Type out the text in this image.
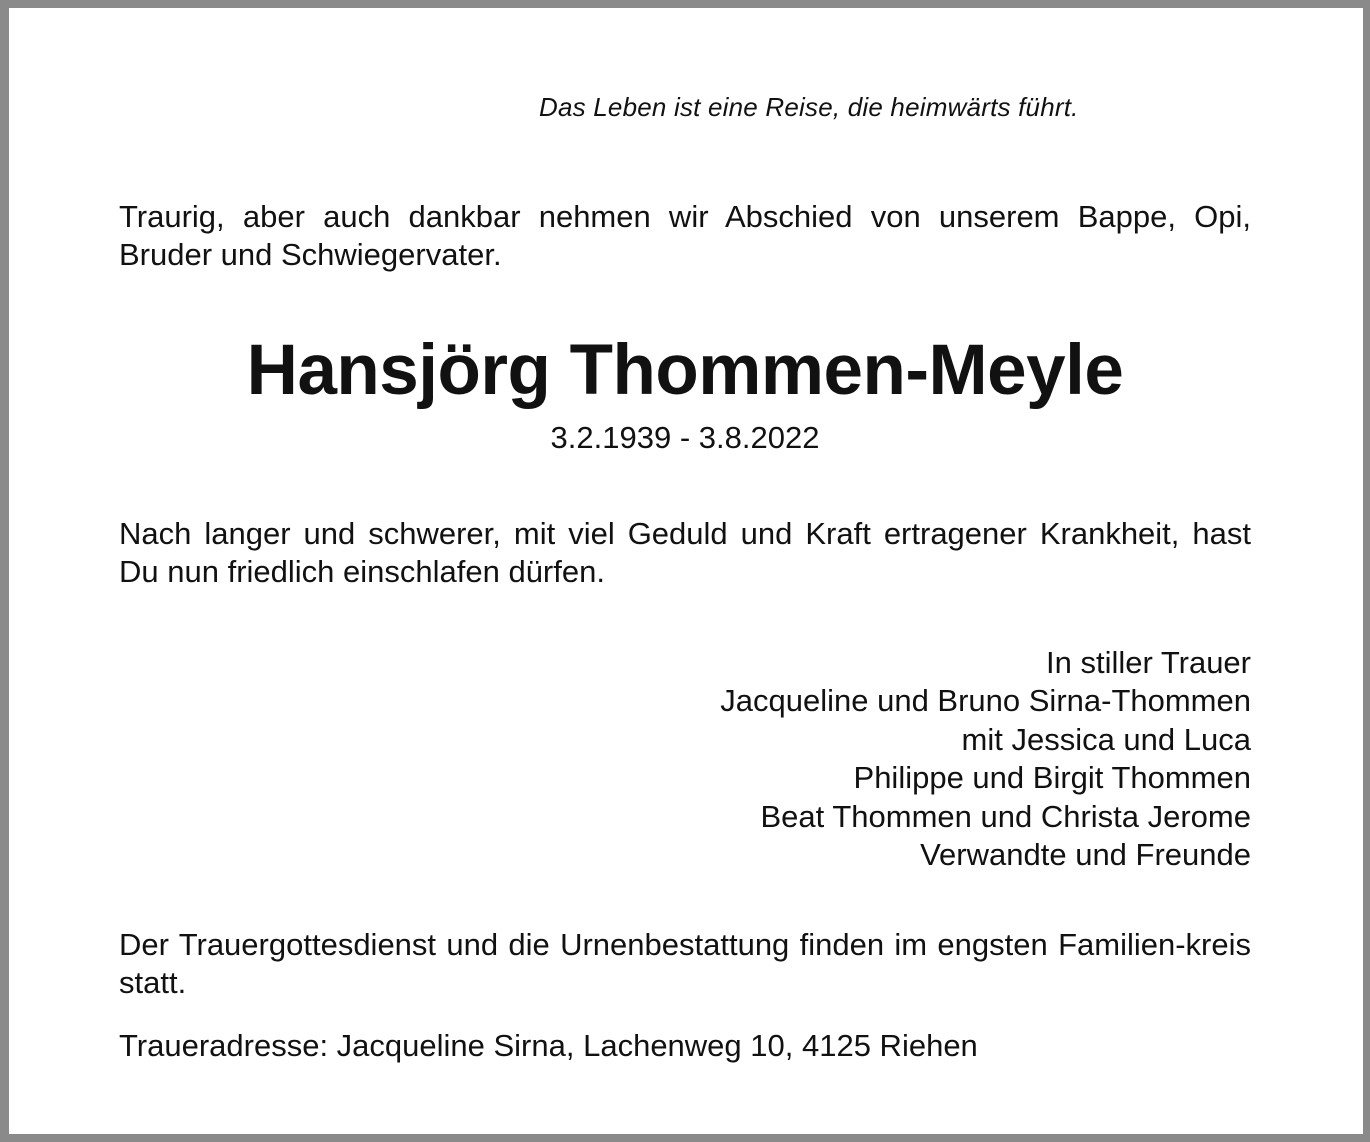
Das Leben ist eine Reise, die heimwärts führt.
Traurig, aber auch dankbar nehmen wir Abschied von unserem Bappe, Opi, Bruder und Schwiegervater.
Hansjörg Thommen-Meyle
3.2.1939 - 3.8.2022
Nach langer und schwerer, mit viel Geduld und Kraft ertragener Krankheit, hast Du nun friedlich einschlafen dürfen.
In stiller Trauer
Jacqueline und Bruno Sirna-Thommen
mit Jessica und Luca
Philippe und Birgit Thommen
Beat Thommen und Christa Jerome
Verwandte und Freunde
Der Trauergottesdienst und die Urnenbestattung finden im engsten Familien-kreis statt.
Traueradresse: Jacqueline Sirna, Lachenweg 10, 4125 Riehen
